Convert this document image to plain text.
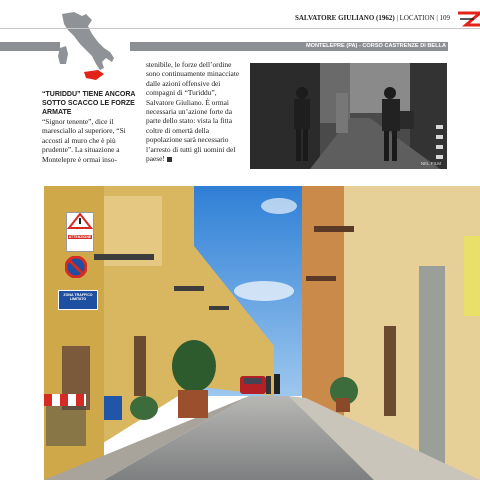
SALVATORE GIULIANO (1962) | LOCATION | 109
MONTELEPRE (PA) - CORSO CASTRENZE DI BELLA
“TURIDDU” TIENE ANCORA SOTTO SCACCO LE FORZE ARMATE
“Signor tenente”, dice il maresciallo al superiore, “Si accosti al muro che è più prudente”. La situazione a Montelepre è ormai inso-
stenibile, le forze dell’ordine sono continuamente minacciate dalle azioni offensive dei compagni di “Turiddu”, Salvatore Giuliano. È ormai necessaria un’azione forte da parte dello stato: vista la fitta coltre di omertà della popolazione sarà necessario l’arresto di tutti gli uomini del paese!
NEL FILM
ATTENZIONE
ZONA TRAFFICO LIMITATO
